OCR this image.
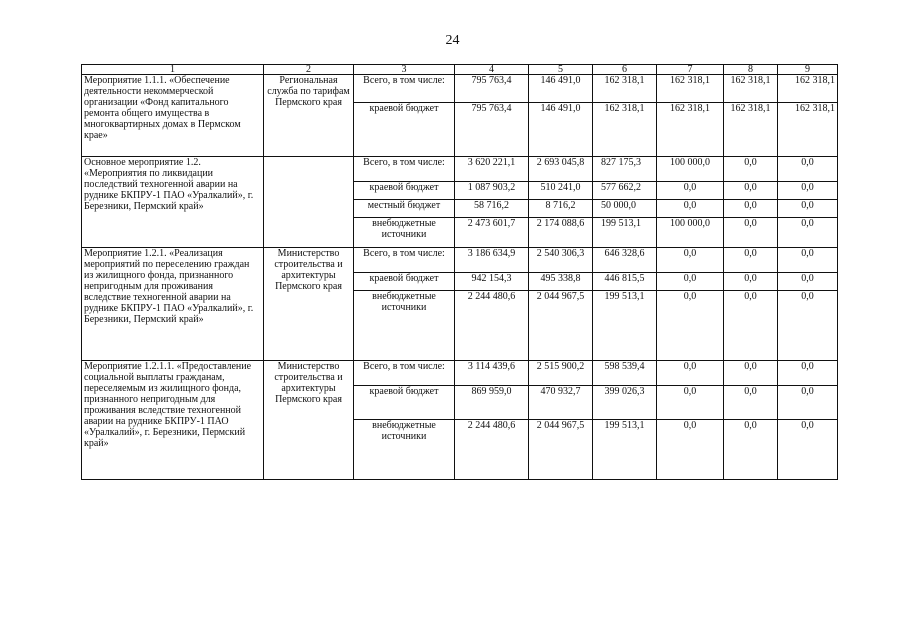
24
1	2	3	4	5	6	7	8	9
Мероприятие 1.1.1. «Обеспечение деятельности некоммерческой организации «Фонд капитального ремонта общего имущества в многоквартирных домах в Пермском крае»	Региональная служба по тарифам Пермского края	Всего, в том числе:	795 763,4	146 491,0	162 318,1	162 318,1	162 318,1	162 318,1
		краевой бюджет	795 763,4	146 491,0	162 318,1	162 318,1	162 318,1	162 318,1
Основное мероприятие 1.2. «Мероприятия по ликвидации последствий техногенной аварии на руднике БКПРУ-1 ПАО «Уралкалий», г. Березники, Пермский край»		Всего, в том числе:	3 620 221,1	2 693 045,8	827 175,3	100 000,0	0,0	0,0
		краевой бюджет	1 087 903,2	510 241,0	577 662,2	0,0	0,0	0,0
		местный бюджет	58 716,2	8 716,2	50 000,0	0,0	0,0	0,0
		внебюджетные источники	2 473 601,7	2 174 088,6	199 513,1	100 000,0	0,0	0,0
Мероприятие 1.2.1. «Реализация мероприятий по переселению граждан из жилищного фонда, признанного непригодным для проживания вследствие техногенной аварии на руднике БКПРУ-1 ПАО «Уралкалий», г. Березники, Пермский край»	Министерство строительства и архитектуры Пермского края	Всего, в том числе:	3 186 634,9	2 540 306,3	646 328,6	0,0	0,0	0,0
		краевой бюджет	942 154,3	495 338,8	446 815,5	0,0	0,0	0,0
		внебюджетные источники	2 244 480,6	2 044 967,5	199 513,1	0,0	0,0	0,0
Мероприятие 1.2.1.1. «Предоставление социальной выплаты гражданам, переселяемым из жилищного фонда, признанного непригодным для проживания вследствие техногенной аварии на руднике БКПРУ-1 ПАО «Уралкалий», г. Березники, Пермский край»	Министерство строительства и архитектуры Пермского края	Всего, в том числе:	3 114 439,6	2 515 900,2	598 539,4	0,0	0,0	0,0
		краевой бюджет	869 959,0	470 932,7	399 026,3	0,0	0,0	0,0
		внебюджетные источники	2 244 480,6	2 044 967,5	199 513,1	0,0	0,0	0,0
